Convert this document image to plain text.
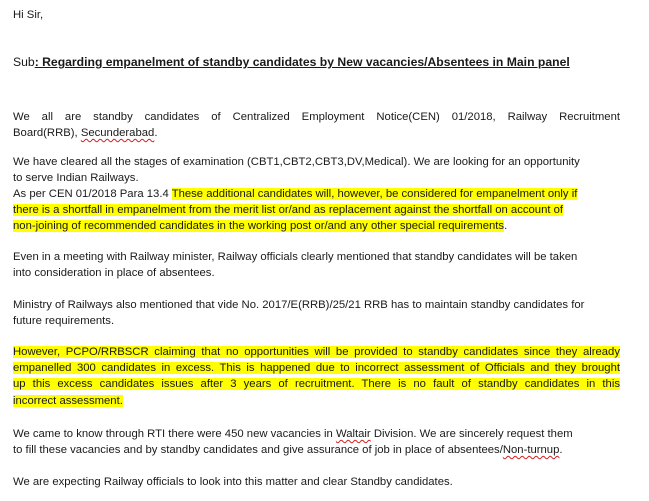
Hi Sir,
Sub: Regarding empanelment of standby candidates by New vacancies/Absentees in Main panel
We all are standby candidates of Centralized Employment Notice(CEN) 01/2018, Railway Recruitment
Board(RRB), Secunderabad.
We have cleared all the stages of examination (CBT1,CBT2,CBT3,DV,Medical). We are looking for an opportunity
to serve Indian Railways.
As per CEN 01/2018 Para 13.4 These additional candidates will, however, be considered for empanelment only if
there is a shortfall in empanelment from the merit list or/and as replacement against the shortfall on account of
non-joining of recommended candidates in the working post or/and any other special requirements.
Even in a meeting with Railway minister, Railway officials clearly mentioned that standby candidates will be taken
into consideration in place of absentees.
Ministry of Railways also mentioned that vide No. 2017/E(RRB)/25/21 RRB has to maintain standby candidates for
future requirements.
However, PCPO/RRBSCR claiming that no opportunities will be provided to standby candidates since they already
empanelled 300 candidates in excess. This is happened due to incorrect assessment of Officials and they brought
up this excess candidates issues after 3 years of recruitment. There is no fault of standby candidates in this
incorrect assessment.
We came to know through RTI there were 450 new vacancies in Waltair Division. We are sincerely request them
to fill these vacancies and by standby candidates and give assurance of job in place of absentees/Non-turnup.
We are expecting Railway officials to look into this matter and clear Standby candidates.
